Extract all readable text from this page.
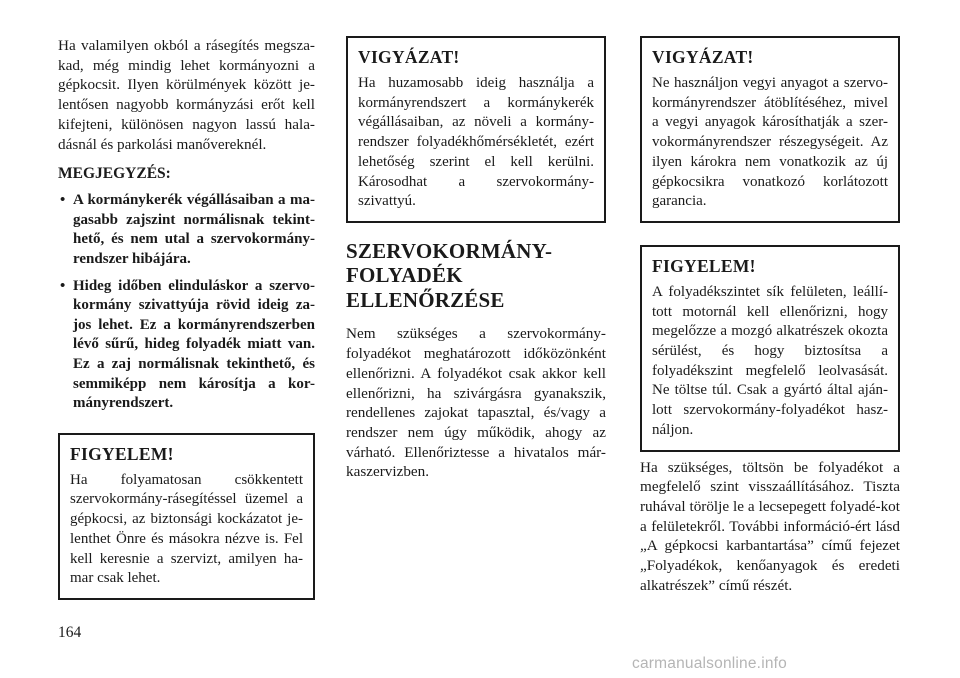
Ha valamilyen okból a rásegítés megsza-kad, még mindig lehet kormányozni a gépkocsit. Ilyen körülmények között je-lentősen nagyobb kormányzási erőt kell kifejteni, különösen nagyon lassú hala-dásnál és parkolási manővereknél.

MEGJEGYZÉS:

• A kormánykerék végállásaiban a ma-gasabb zajszint normálisnak tekint-hető, és nem utal a szervokormány-rendszer hibájára.
• Hideg időben elinduláskor a szervo-kormány szivattyúja rövid ideig za-jos lehet. Ez a kormányrendszerben lévő sűrű, hideg folyadék miatt van. Ez a zaj normálisnak tekinthető, és semmiképp nem károsítja a kor-mányrendszert.
FIGYELEM!

Ha folyamatosan csökkentett szervokormány-rásegítéssel üzemel a gépkocsi, az biztonsági kockázatot je-lenthet Önre és másokra nézve is. Fel kell keresnie a szervizt, amilyen ha-mar csak lehet.

VIGYÁZAT!

Ha huzamosabb ideig használja a kormányrendszert a kormánykerék végállásaiban, az növeli a kormány-rendszer folyadékhőmérsékletét, ezért lehetőség szerint el kell kerülni. Károsodhat a szervokormány-szivattyú.

SZERVOKORMÁNY-
FOLYADÉK
ELLENŐRZÉSE

Nem szükséges a szervokormány-folyadékot meghatározott időközönként ellenőrizni. A folyadékot csak akkor kell ellenőrizni, ha szivárgásra gyanakszik, rendellenes zajokat tapasztal, és/vagy a rendszer nem úgy működik, ahogy az várható. Ellenőriztesse a hivatalos már-kaszervizben.

VIGYÁZAT!

Ne használjon vegyi anyagot a szervo-kormányrendszer átöblítéséhez, mivel a vegyi anyagok károsíthatják a szer-vokormányrendszer részegységeit. Az ilyen károkra nem vonatkozik az új gépkocsikra vonatkozó korlátozott garancia.

FIGYELEM!

A folyadékszintet sík felületen, leállí-tott motornál kell ellenőrizni, hogy megelőzze a mozgó alkatrészek okozta sérülést, és hogy biztosítsa a folyadékszint megfelelő leolvasását. Ne töltse túl. Csak a gyártó által aján-lott szervokormány-folyadékot hasz-náljon.

Ha szükséges, töltsön be folyadékot a megfelelő szint visszaállításához. Tiszta ruhával törölje le a lecsepegett folyadé-kot a felületekről. További információ-ért lásd „A gépkocsi karbantartása” című fejezet „Folyadékok, kenőanyagok és eredeti alkatrészek” című részét.

164
carmanualsonline.info
